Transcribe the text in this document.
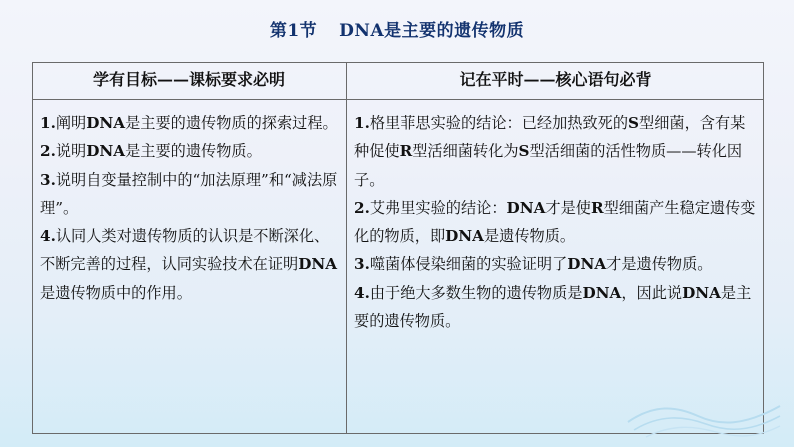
第1节 DNA是主要的遗传物质
学有目标——课标要求必明	记在平时——核心语句必背

1.阐明DNA是主要的遗传物质的探索过程。

2.说明DNA是主要的遗传物质。

3.说明自变量控制中的“加法原理”和“减法原理”。

4.认同人类对遗传物质的认识是不断深化、不断完善的过程，认同实验技术在证明DNA是遗传物质中的作用。

1.格里菲思实验的结论：已经加热致死的S型细菌，含有某种促使R型活细菌转化为S型活细菌的活性物质——转化因子。

2.艾弗里实验的结论：DNA才是使R型细菌产生稳定遗传变化的物质，即DNA是遗传物质。

3.噬菌体侵染细菌的实验证明了DNA才是遗传物质。

4.由于绝大多数生物的遗传物质是DNA，因此说DNA是主要的遗传物质。
